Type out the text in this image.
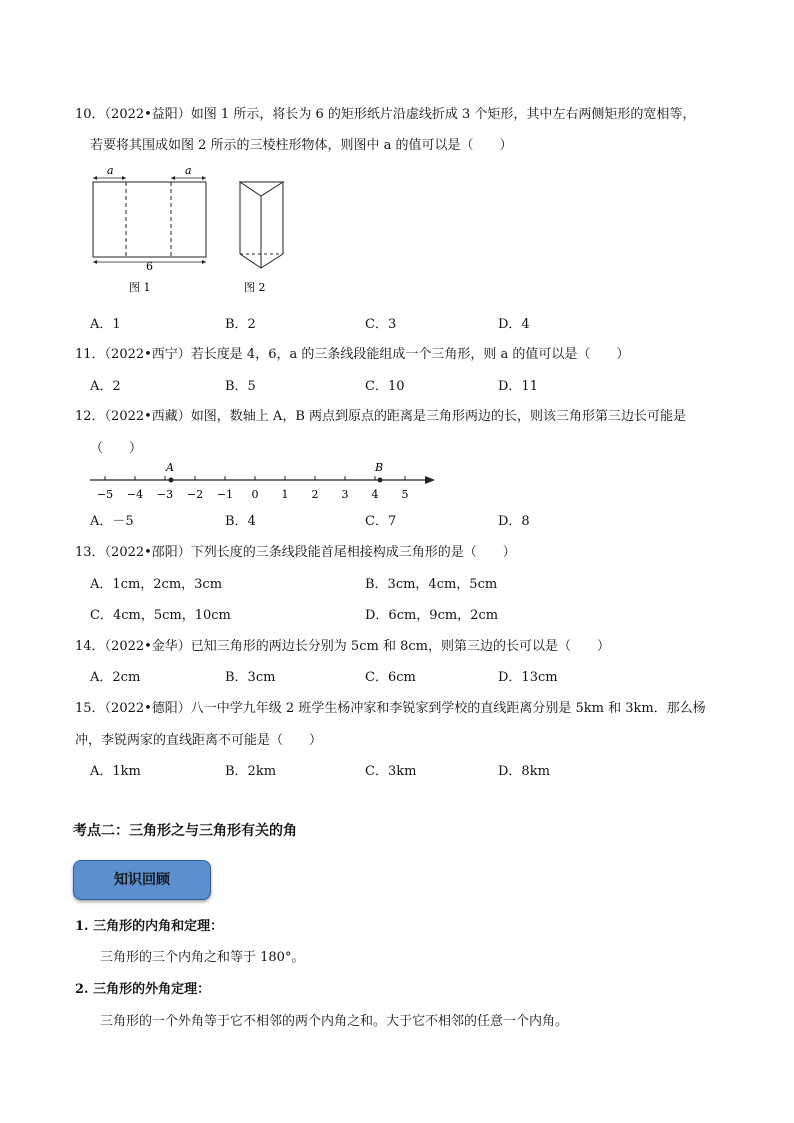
10．（2022•益阳）如图 1 所示，将长为 6 的矩形纸片沿虚线折成 3 个矩形，其中左右两侧矩形的宽相等，
若要将其围成如图 2 所示的三棱柱形物体，则图中 a 的值可以是（　　）
a	a
6
图 1	图 2
A．1	B．2	C．3	D．4
11．（2022•西宁）若长度是 4，6，a 的三条线段能组成一个三角形，则 a 的值可以是（　　）
A．2	B．5	C．10	D．11
12．（2022•西藏）如图，数轴上 A，B 两点到原点的距离是三角形两边的长，则该三角形第三边长可能是
（　　）
−5 −4 −3 −2 −1 0 1 2 3 4 5
A	B
A．－5	B．4	C．7	D．8
13．（2022•邵阳）下列长度的三条线段能首尾相接构成三角形的是（　　）
A．1cm，2cm，3cm	B．3cm，4cm，5cm
C．4cm，5cm，10cm	D．6cm，9cm，2cm
14．（2022•金华）已知三角形的两边长分别为 5cm 和 8cm，则第三边的长可以是（　　）
A．2cm	B．3cm	C．6cm	D．13cm
15．（2022•德阳）八一中学九年级 2 班学生杨冲家和李锐家到学校的直线距离分别是 5km 和 3km．那么杨
冲，李锐两家的直线距离不可能是（　　）
A．1km	B．2km	C．3km	D．8km
考点二：三角形之与三角形有关的角
知识回顾
1. 三角形的内角和定理：
三角形的三个内角之和等于 180°。
2. 三角形的外角定理：
三角形的一个外角等于它不相邻的两个内角之和。大于它不相邻的任意一个内角。
